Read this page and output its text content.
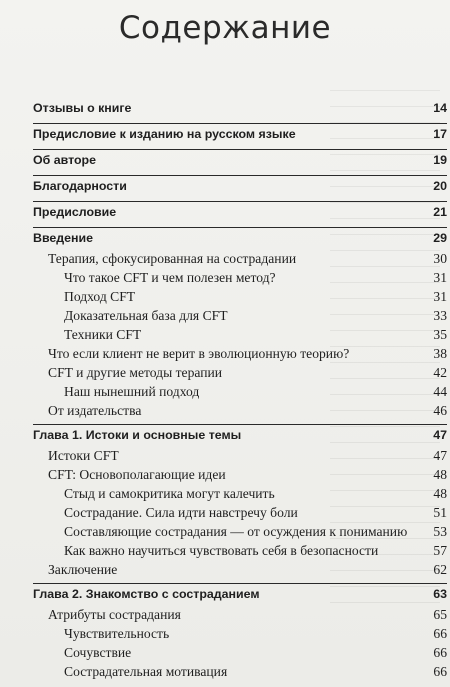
Содержание
Отзывы о книге	14
Предисловие к изданию на русском языке	17
Об авторе	19
Благодарности	20
Предисловие	21
Введение	29
Терапия, сфокусированная на сострадании	30
Что такое CFT и чем полезен метод?	31
Подход CFT	31
Доказательная база для CFT	33
Техники CFT	35
Что если клиент не верит в эволюционную теорию?	38
CFT и другие методы терапии	42
Наш нынешний подход	44
От издательства	46
Глава 1. Истоки и основные темы	47
Истоки CFT	47
CFT: Основополагающие идеи	48
Стыд и самокритика могут калечить	48
Сострадание. Сила идти навстречу боли	51
Составляющие сострадания — от осуждения к пониманию	53
Как важно научиться чувствовать себя в безопасности	57
Заключение	62
Глава 2. Знакомство с состраданием	63
Атрибуты сострадания	65
Чувствительность	66
Сочувствие	66
Сострадательная мотивация	66
